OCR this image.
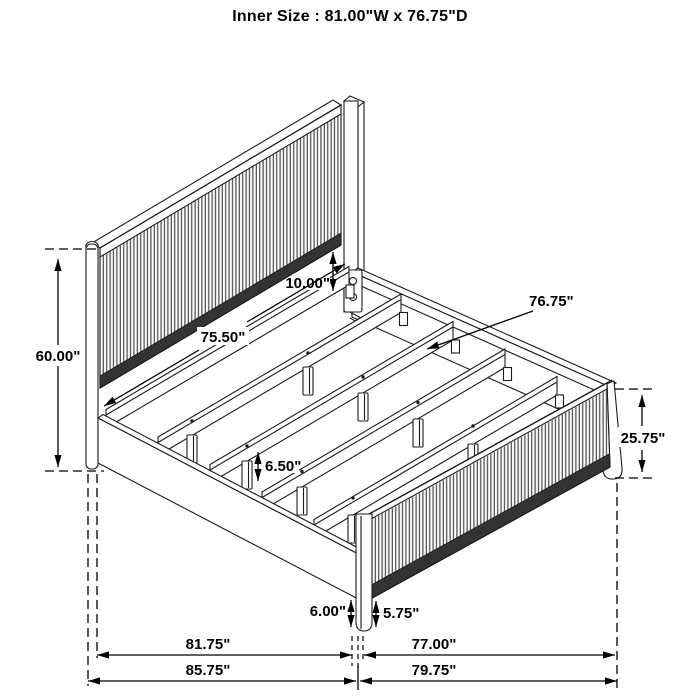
Inner Size : 81.00"W x 76.75"D
60.00"
10.00"
75.50"
76.75"
25.75"
6.50"
6.00" 5.75"
81.75"	77.00"
85.75"	79.75"
